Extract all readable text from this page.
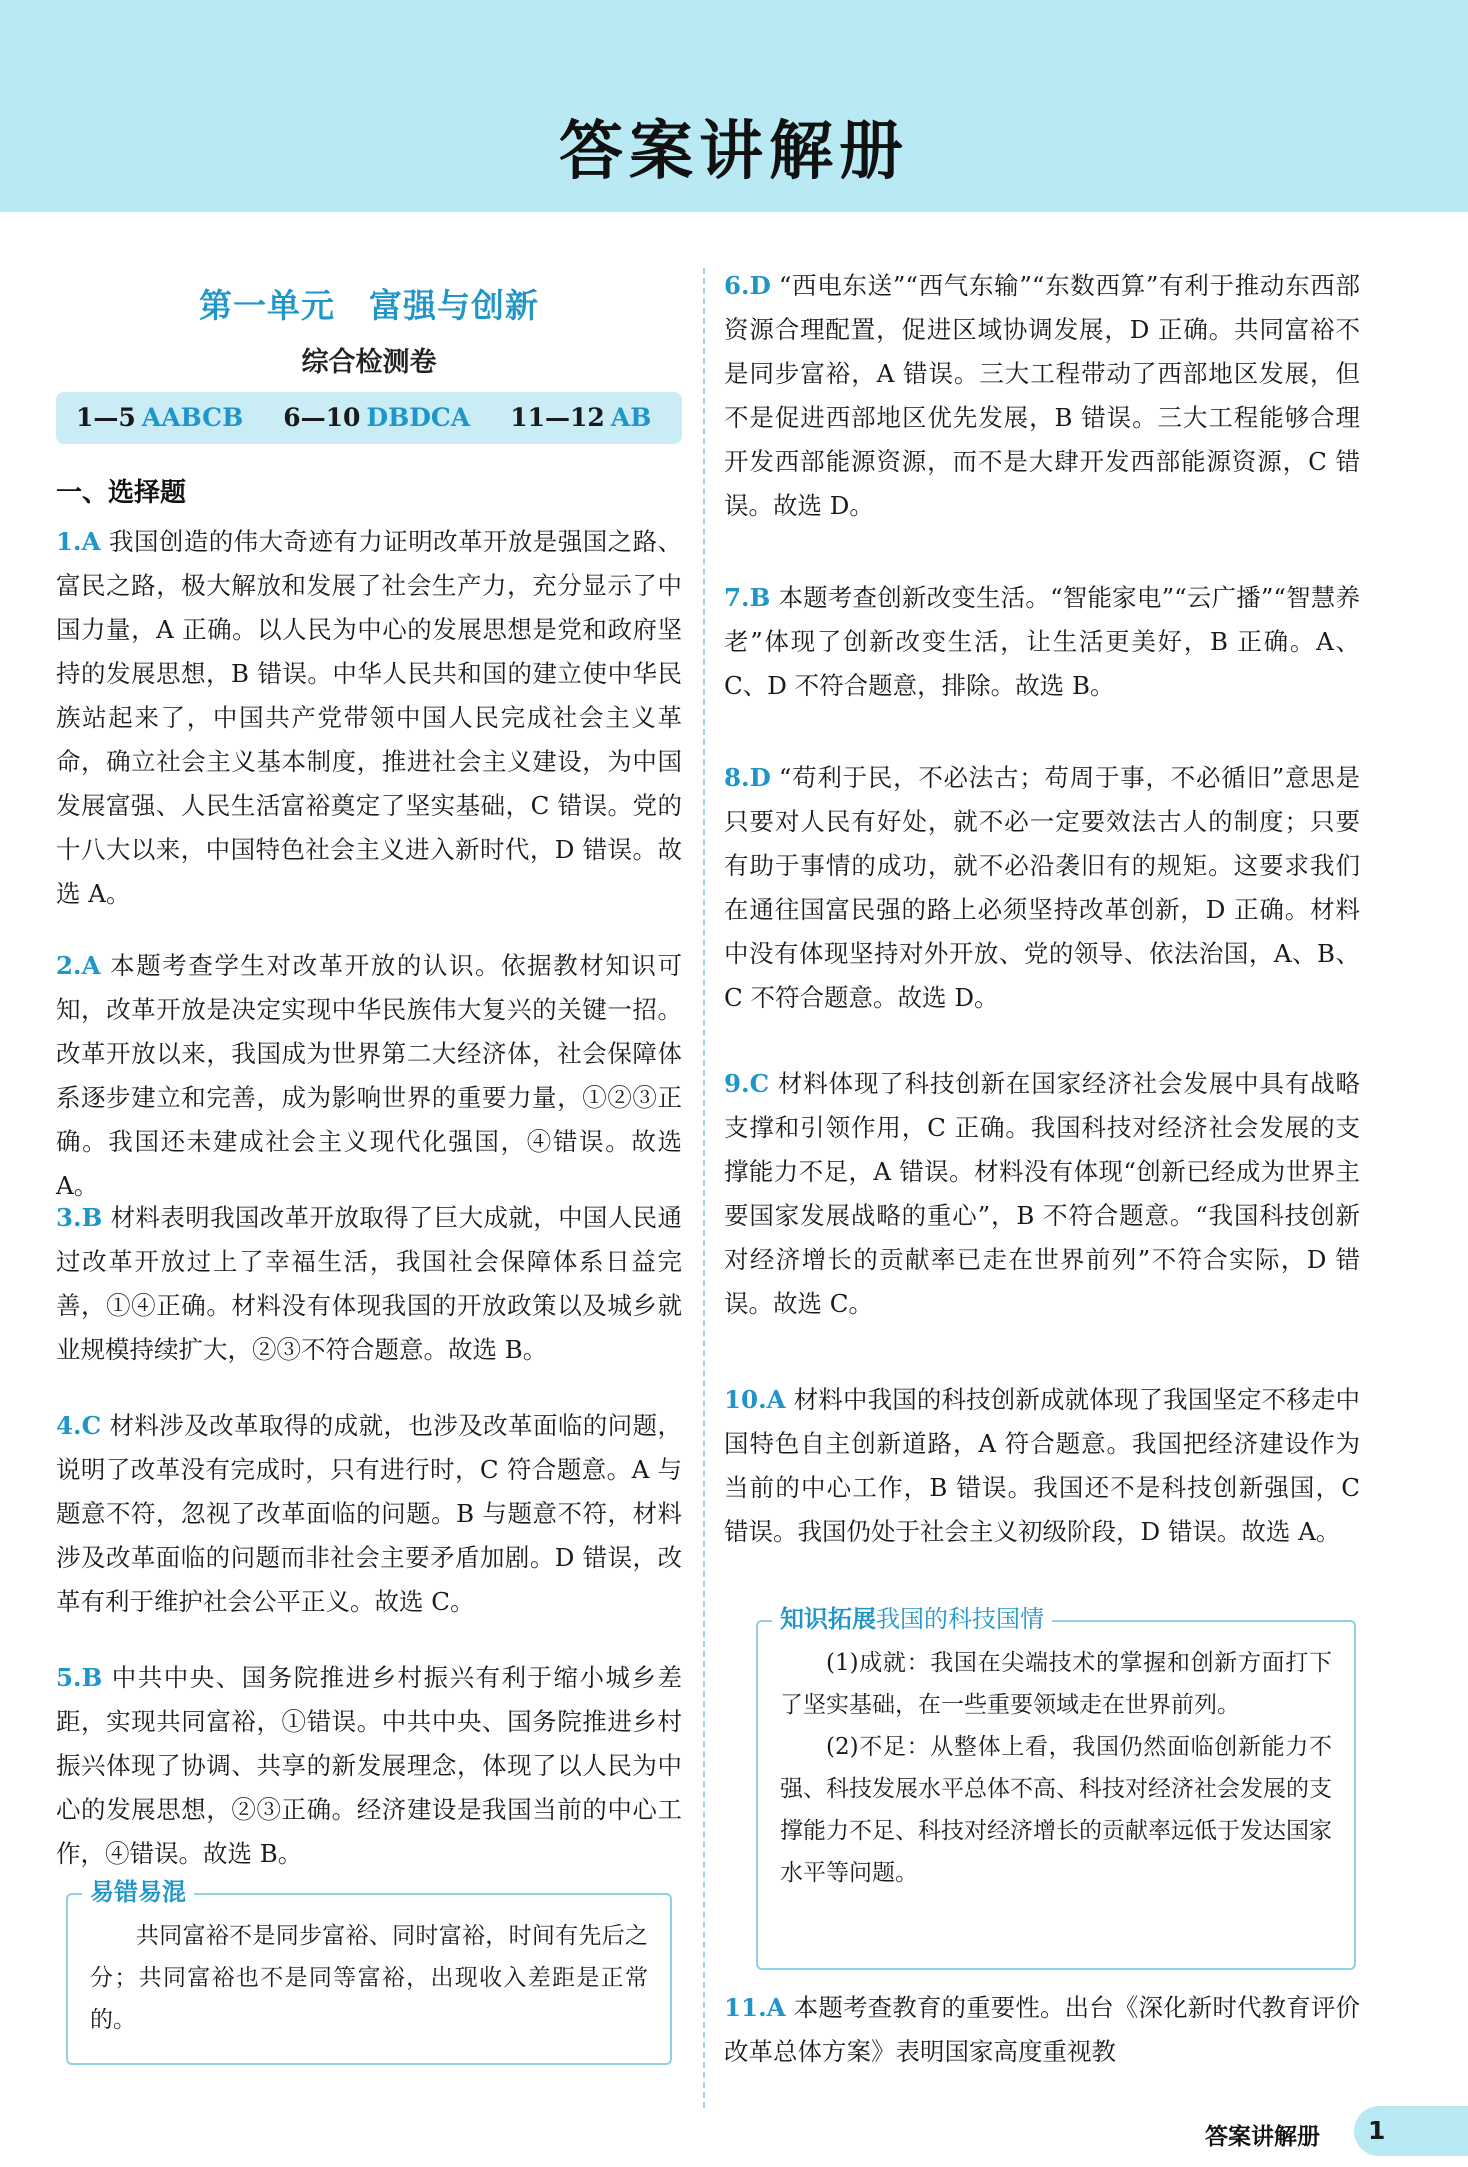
答案讲解册
第一单元　富强与创新
综合检测卷
1—5 AABCB 6—10 DBDCA 11—12 AB
一、选择题
1.A 我国创造的伟大奇迹有力证明改革开放是强国之路、富民之路，极大解放和发展了社会生产力，充分显示了中国力量，A 正确。以人民为中心的发展思想是党和政府坚持的发展思想，B 错误。中华人民共和国的建立使中华民族站起来了，中国共产党带领中国人民完成社会主义革命，确立社会主义基本制度，推进社会主义建设，为中国发展富强、人民生活富裕奠定了坚实基础，C 错误。党的十八大以来，中国特色社会主义进入新时代，D 错误。故选 A。
2.A 本题考查学生对改革开放的认识。依据教材知识可知，改革开放是决定实现中华民族伟大复兴的关键一招。改革开放以来，我国成为世界第二大经济体，社会保障体系逐步建立和完善，成为影响世界的重要力量，①②③正确。我国还未建成社会主义现代化强国，④错误。故选 A。
3.B 材料表明我国改革开放取得了巨大成就，中国人民通过改革开放过上了幸福生活，我国社会保障体系日益完善，①④正确。材料没有体现我国的开放政策以及城乡就业规模持续扩大，②③不符合题意。故选 B。
4.C 材料涉及改革取得的成就，也涉及改革面临的问题，说明了改革没有完成时，只有进行时，C 符合题意。A 与题意不符，忽视了改革面临的问题。B 与题意不符，材料涉及改革面临的问题而非社会主要矛盾加剧。D 错误，改革有利于维护社会公平正义。故选 C。
5.B 中共中央、国务院推进乡村振兴有利于缩小城乡差距，实现共同富裕，①错误。中共中央、国务院推进乡村振兴体现了协调、共享的新发展理念，体现了以人民为中心的发展思想，②③正确。经济建设是我国当前的中心工作，④错误。故选 B。
易错易混

共同富裕不是同步富裕、同时富裕，时间有先后之分；共同富裕也不是同等富裕，出现收入差距是正常的。

6.D “西电东送”“西气东输”“东数西算”有利于推动东西部资源合理配置，促进区域协调发展，D 正确。共同富裕不是同步富裕，A 错误。三大工程带动了西部地区发展，但不是促进西部地区优先发展，B 错误。三大工程能够合理开发西部能源资源，而不是大肆开发西部能源资源，C 错误。故选 D。
7.B 本题考查创新改变生活。“智能家电”“云广播”“智慧养老”体现了创新改变生活，让生活更美好，B 正确。A、C、D 不符合题意，排除。故选 B。
8.D “苟利于民，不必法古；苟周于事，不必循旧”意思是只要对人民有好处，就不必一定要效法古人的制度；只要有助于事情的成功，就不必沿袭旧有的规矩。这要求我们在通往国富民强的路上必须坚持改革创新，D 正确。材料中没有体现坚持对外开放、党的领导、依法治国，A、B、C 不符合题意。故选 D。
9.C 材料体现了科技创新在国家经济社会发展中具有战略支撑和引领作用，C 正确。我国科技对经济社会发展的支撑能力不足，A 错误。材料没有体现“创新已经成为世界主要国家发展战略的重心”，B 不符合题意。“我国科技创新对经济增长的贡献率已走在世界前列”不符合实际，D 错误。故选 C。
10.A 材料中我国的科技创新成就体现了我国坚定不移走中国特色自主创新道路，A 符合题意。我国把经济建设作为当前的中心工作，B 错误。我国还不是科技创新强国，C 错误。我国仍处于社会主义初级阶段，D 错误。故选 A。
知识拓展我国的科技国情

(1)成就：我国在尖端技术的掌握和创新方面打下了坚实基础，在一些重要领域走在世界前列。

(2)不足：从整体上看，我国仍然面临创新能力不强、科技发展水平总体不高、科技对经济社会发展的支撑能力不足、科技对经济增长的贡献率远低于发达国家水平等问题。

11.A 本题考查教育的重要性。出台《深化新时代教育评价改革总体方案》表明国家高度重视教
答案讲解册	1
